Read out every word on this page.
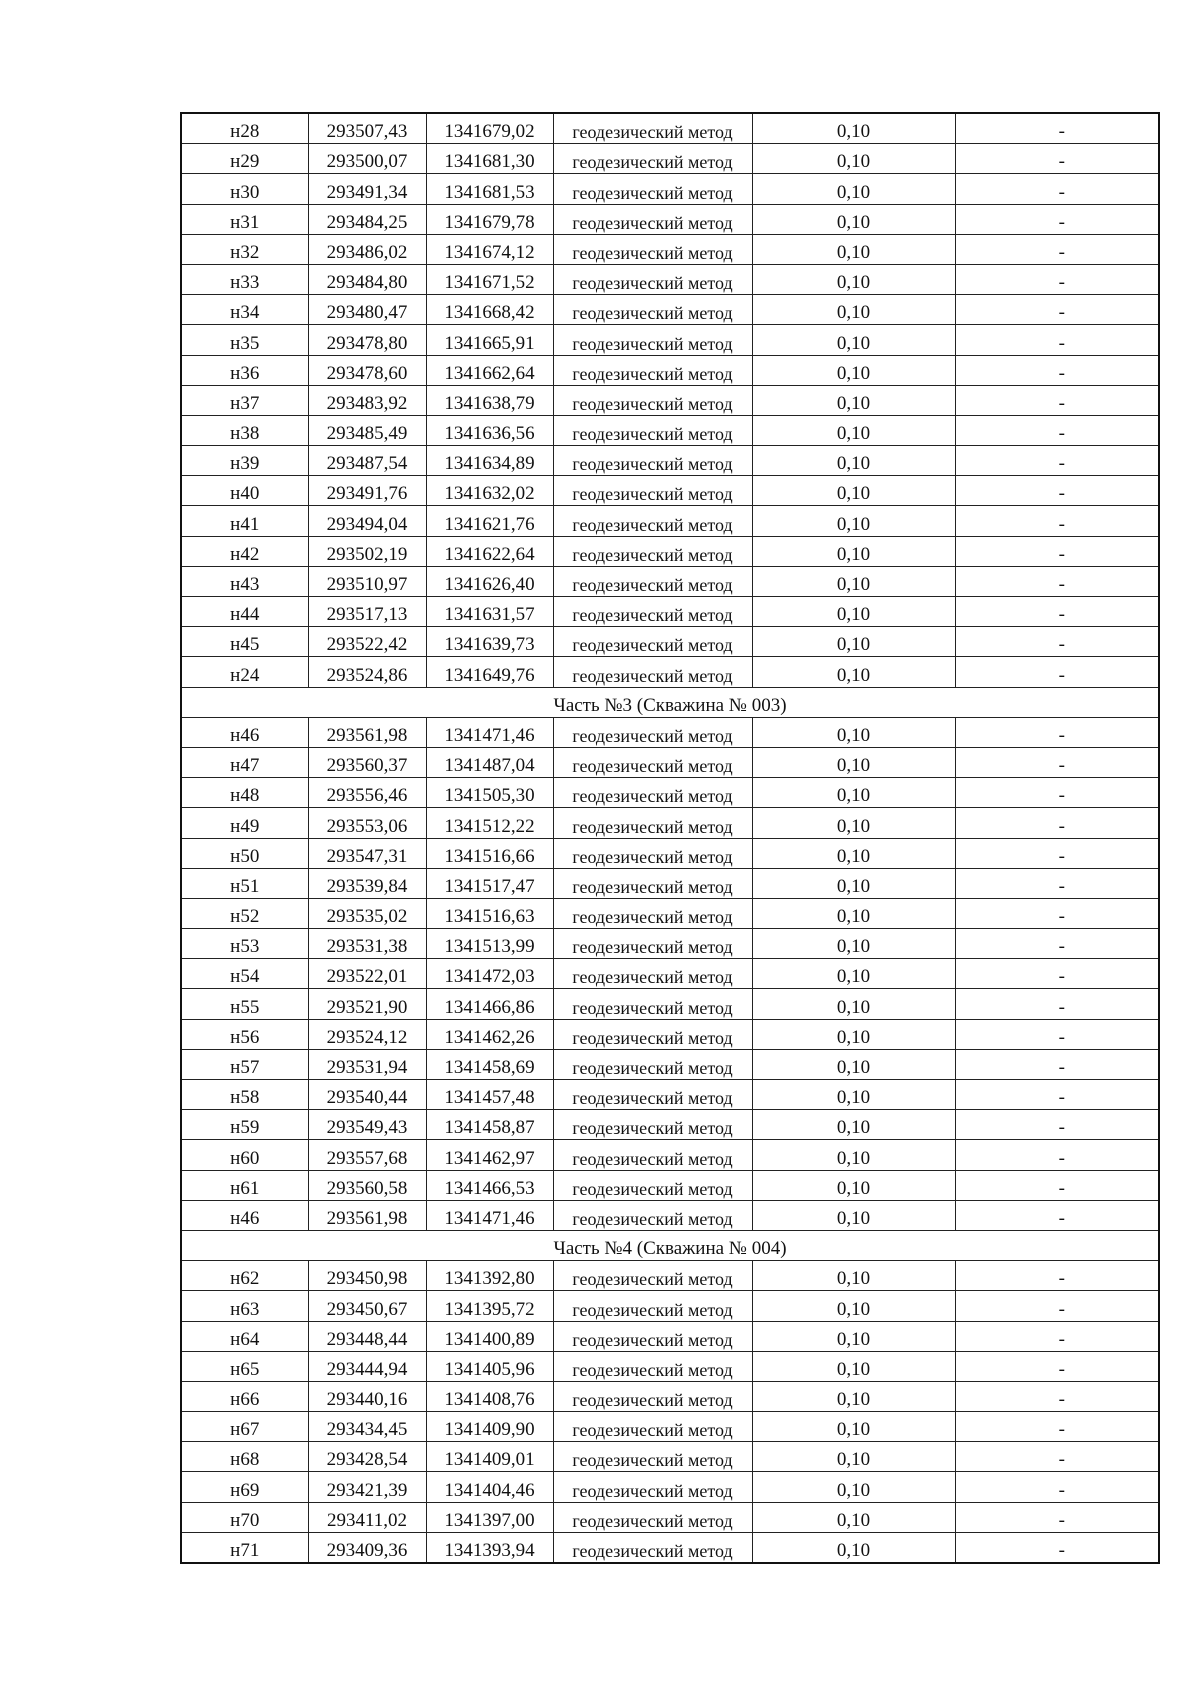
н28	293507,43	1341679,02	геодезический метод	0,10	-
н29	293500,07	1341681,30	геодезический метод	0,10	-
н30	293491,34	1341681,53	геодезический метод	0,10	-
н31	293484,25	1341679,78	геодезический метод	0,10	-
н32	293486,02	1341674,12	геодезический метод	0,10	-
н33	293484,80	1341671,52	геодезический метод	0,10	-
н34	293480,47	1341668,42	геодезический метод	0,10	-
н35	293478,80	1341665,91	геодезический метод	0,10	-
н36	293478,60	1341662,64	геодезический метод	0,10	-
н37	293483,92	1341638,79	геодезический метод	0,10	-
н38	293485,49	1341636,56	геодезический метод	0,10	-
н39	293487,54	1341634,89	геодезический метод	0,10	-
н40	293491,76	1341632,02	геодезический метод	0,10	-
н41	293494,04	1341621,76	геодезический метод	0,10	-
н42	293502,19	1341622,64	геодезический метод	0,10	-
н43	293510,97	1341626,40	геодезический метод	0,10	-
н44	293517,13	1341631,57	геодезический метод	0,10	-
н45	293522,42	1341639,73	геодезический метод	0,10	-
н24	293524,86	1341649,76	геодезический метод	0,10	-
Часть №3 (Скважина № 003)					
н46	293561,98	1341471,46	геодезический метод	0,10	-
н47	293560,37	1341487,04	геодезический метод	0,10	-
н48	293556,46	1341505,30	геодезический метод	0,10	-
н49	293553,06	1341512,22	геодезический метод	0,10	-
н50	293547,31	1341516,66	геодезический метод	0,10	-
н51	293539,84	1341517,47	геодезический метод	0,10	-
н52	293535,02	1341516,63	геодезический метод	0,10	-
н53	293531,38	1341513,99	геодезический метод	0,10	-
н54	293522,01	1341472,03	геодезический метод	0,10	-
н55	293521,90	1341466,86	геодезический метод	0,10	-
н56	293524,12	1341462,26	геодезический метод	0,10	-
н57	293531,94	1341458,69	геодезический метод	0,10	-
н58	293540,44	1341457,48	геодезический метод	0,10	-
н59	293549,43	1341458,87	геодезический метод	0,10	-
н60	293557,68	1341462,97	геодезический метод	0,10	-
н61	293560,58	1341466,53	геодезический метод	0,10	-
н46	293561,98	1341471,46	геодезический метод	0,10	-
Часть №4 (Скважина № 004)					
н62	293450,98	1341392,80	геодезический метод	0,10	-
н63	293450,67	1341395,72	геодезический метод	0,10	-
н64	293448,44	1341400,89	геодезический метод	0,10	-
н65	293444,94	1341405,96	геодезический метод	0,10	-
н66	293440,16	1341408,76	геодезический метод	0,10	-
н67	293434,45	1341409,90	геодезический метод	0,10	-
н68	293428,54	1341409,01	геодезический метод	0,10	-
н69	293421,39	1341404,46	геодезический метод	0,10	-
н70	293411,02	1341397,00	геодезический метод	0,10	-
н71	293409,36	1341393,94	геодезический метод	0,10	-
